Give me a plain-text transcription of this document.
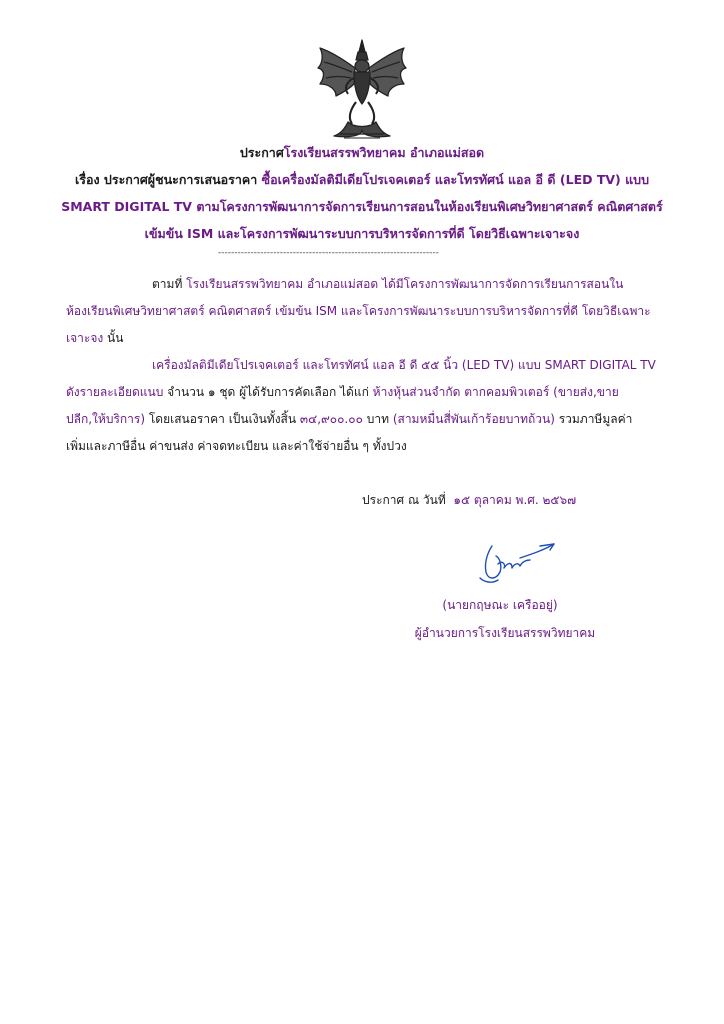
ประกาศโรงเรียนสรรพวิทยาคม อำเภอแม่สอด
เรื่อง ประกาศผู้ชนะการเสนอราคา ซื้อเครื่องมัลติมีเดียโปรเจคเตอร์ และโทรทัศน์ แอล อี ดี (LED TV) แบบ
SMART DIGITAL TV ตามโครงการพัฒนาการจัดการเรียนการสอนในห้องเรียนพิเศษวิทยาศาสตร์ คณิตศาสตร์
เข้มข้น ISM และโครงการพัฒนาระบบการบริหารจัดการที่ดี โดยวิธีเฉพาะเจาะจง
--------------------------------------------------------------------
ตามที่ โรงเรียนสรรพวิทยาคม อำเภอแม่สอด ได้มีโครงการพัฒนาการจัดการเรียนการสอนใน
ห้องเรียนพิเศษวิทยาศาสตร์ คณิตศาสตร์ เข้มข้น ISM และโครงการพัฒนาระบบการบริหารจัดการที่ดี โดยวิธีเฉพาะ
เจาะจง นั้น
เครื่องมัลติมีเดียโปรเจคเตอร์ และโทรทัศน์ แอล อี ดี ๕๕ นิ้ว (LED TV) แบบ SMART DIGITAL TV
ดังรายละเอียดแนบ จำนวน ๑ ชุด ผู้ได้รับการคัดเลือก ได้แก่ ห้างหุ้นส่วนจำกัด ตากคอมพิวเตอร์ (ขายส่ง,ขาย
ปลีก,ให้บริการ) โดยเสนอราคา เป็นเงินทั้งสิ้น ๓๔,๙๐๐.๐๐ บาท (สามหมื่นสี่พันเก้าร้อยบาทถ้วน) รวมภาษีมูลค่า
เพิ่มและภาษีอื่น ค่าขนส่ง ค่าจดทะเบียน และค่าใช้จ่ายอื่น ๆ ทั้งปวง
ประกาศ ณ วันที่ ๑๕ ตุลาคม พ.ศ. ๒๕๖๗
(นายกฤษณะ เครืออยู่)
ผู้อำนวยการโรงเรียนสรรพวิทยาคม
